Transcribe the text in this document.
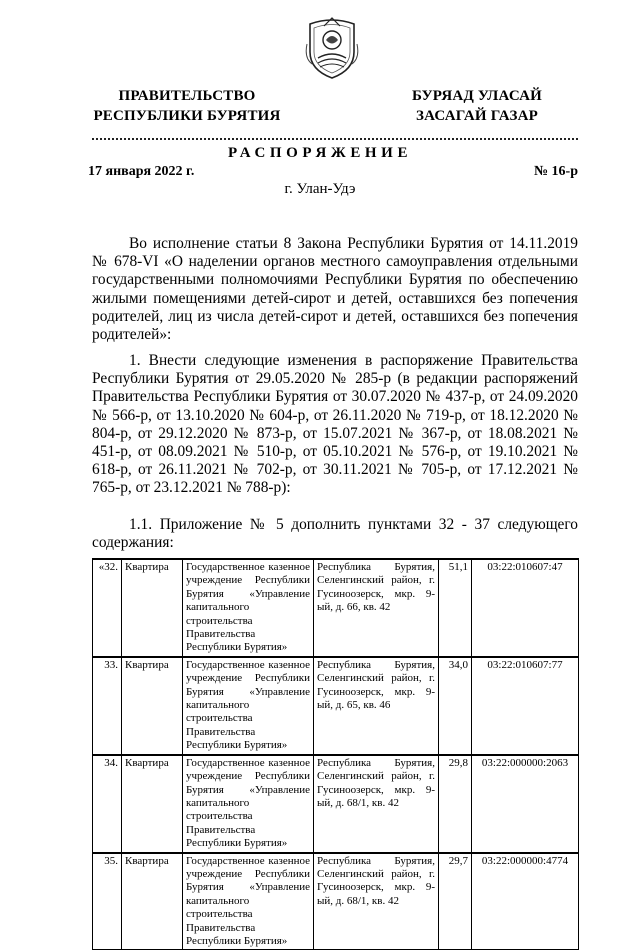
ПРАВИТЕЛЬСТВО
РЕСПУБЛИКИ БУРЯТИЯ
БУРЯАД УЛАСАЙ
ЗАСАГАЙ ГАЗАР
РАСПОРЯЖЕНИЕ
17 января 2022 г.	№ 16-р
г. Улан-Удэ
Во исполнение статьи 8 Закона Республики Бурятия от 14.11.2019 № 678-VI «О наделении органов местного самоуправления отдельными государственными полномочиями Республики Бурятия по обеспечению жилыми помещениями детей-сирот и детей, оставшихся без попечения родителей, лиц из числа детей-сирот и детей, оставшихся без попечения родителей»:
1. Внести следующие изменения в распоряжение Правительства Республики Бурятия от 29.05.2020 № 285-р (в редакции распоряжений Правительства Республики Бурятия от 30.07.2020 № 437-р, от 24.09.2020 № 566-р, от 13.10.2020 № 604-р, от 26.11.2020 № 719-р, от 18.12.2020 № 804-р, от 29.12.2020 № 873-р, от 15.07.2021 № 367-р, от 18.08.2021 № 451-р, от 08.09.2021 № 510-р, от 05.10.2021 № 576-р, от 19.10.2021 № 618-р, от 26.11.2021 № 702-р, от 30.11.2021 № 705-р, от 17.12.2021 № 765-р, от 23.12.2021 № 788-р):
1.1. Приложение № 5 дополнить пунктами 32 - 37 следующего содержания:
«32.	Квартира	Государственное казенное учреждение Республики Бурятия «Управление капитального строительства Правительства Республики Бурятия»	Республика Бурятия, Селенгинский район, г. Гусиноозерск, мкр. 9-ый, д. 66, кв. 42	51,1	03:22:010607:47
33.	Квартира	Государственное казенное учреждение Республики Бурятия «Управление капитального строительства Правительства Республики Бурятия»	Республика Бурятия, Селенгинский район, г. Гусиноозерск, мкр. 9-ый, д. 65, кв. 46	34,0	03:22:010607:77
34.	Квартира	Государственное казенное учреждение Республики Бурятия «Управление капитального строительства Правительства Республики Бурятия»	Республика Бурятия, Селенгинский район, г. Гусиноозерск, мкр. 9-ый, д. 68/1, кв. 42	29,8	03:22:000000:2063
35.	Квартира	Государственное казенное учреждение Республики Бурятия «Управление капитального строительства Правительства Республики Бурятия»	Республика Бурятия, Селенгинский район, г. Гусиноозерск, мкр. 9-ый, д. 68/1, кв. 42	29,7	03:22:000000:4774
